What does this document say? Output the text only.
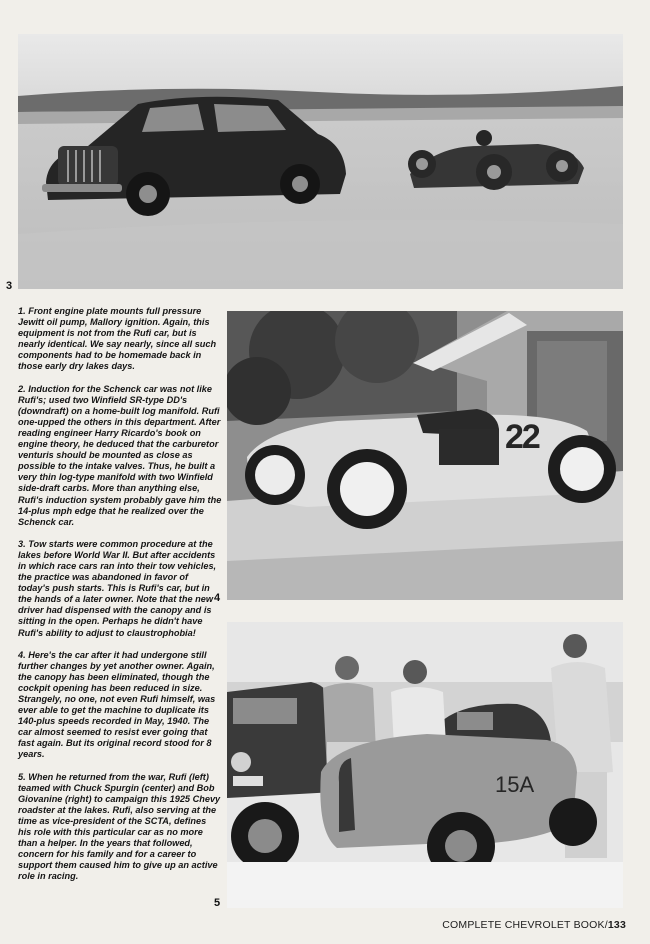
3
22
4
15A
5

1. Front engine plate mounts full pressure Jewitt oil pump, Mallory ignition. Again, this equipment is not from the Rufi car, but is nearly identical. We say nearly, since all such components had to be homemade back in those early dry lakes days.

2. Induction for the Schenck car was not like Rufi's; used two Winfield SR-type DD's (downdraft) on a home-built log manifold. Rufi one-upped the others in this department. After reading engineer Harry Ricardo's book on engine theory, he deduced that the carburetor venturis should be mounted as close as possible to the intake valves. Thus, he built a very thin log-type manifold with two Winfield side-draft carbs. More than anything else, Rufi's induction system probably gave him the 14-plus mph edge that he realized over the Schenck car.

3. Tow starts were common procedure at the lakes before World War II. But after accidents in which race cars ran into their tow vehicles, the practice was abandoned in favor of today's push starts. This is Rufi's car, but in the hands of a later owner. Note that the new driver had dispensed with the canopy and is sitting in the open. Perhaps he didn't have Rufi's ability to adjust to claustrophobia!

4. Here's the car after it had undergone still further changes by yet another owner. Again, the canopy has been eliminated, though the cockpit opening has been reduced in size. Strangely, no one, not even Rufi himself, was ever able to get the machine to duplicate its 140-plus speeds recorded in May, 1940. The car almost seemed to resist ever going that fast again. But its original record stood for 8 years.

5. When he returned from the war, Rufi (left) teamed with Chuck Spurgin (center) and Bob Giovanine (right) to campaign this 1925 Chevy roadster at the lakes. Rufi, also serving at the time as vice-president of the SCTA, defines his role with this particular car as no more than a helper. In the years that followed, concern for his family and for a career to support them caused him to give up an active role in racing.

COMPLETE CHEVROLET BOOK/133
